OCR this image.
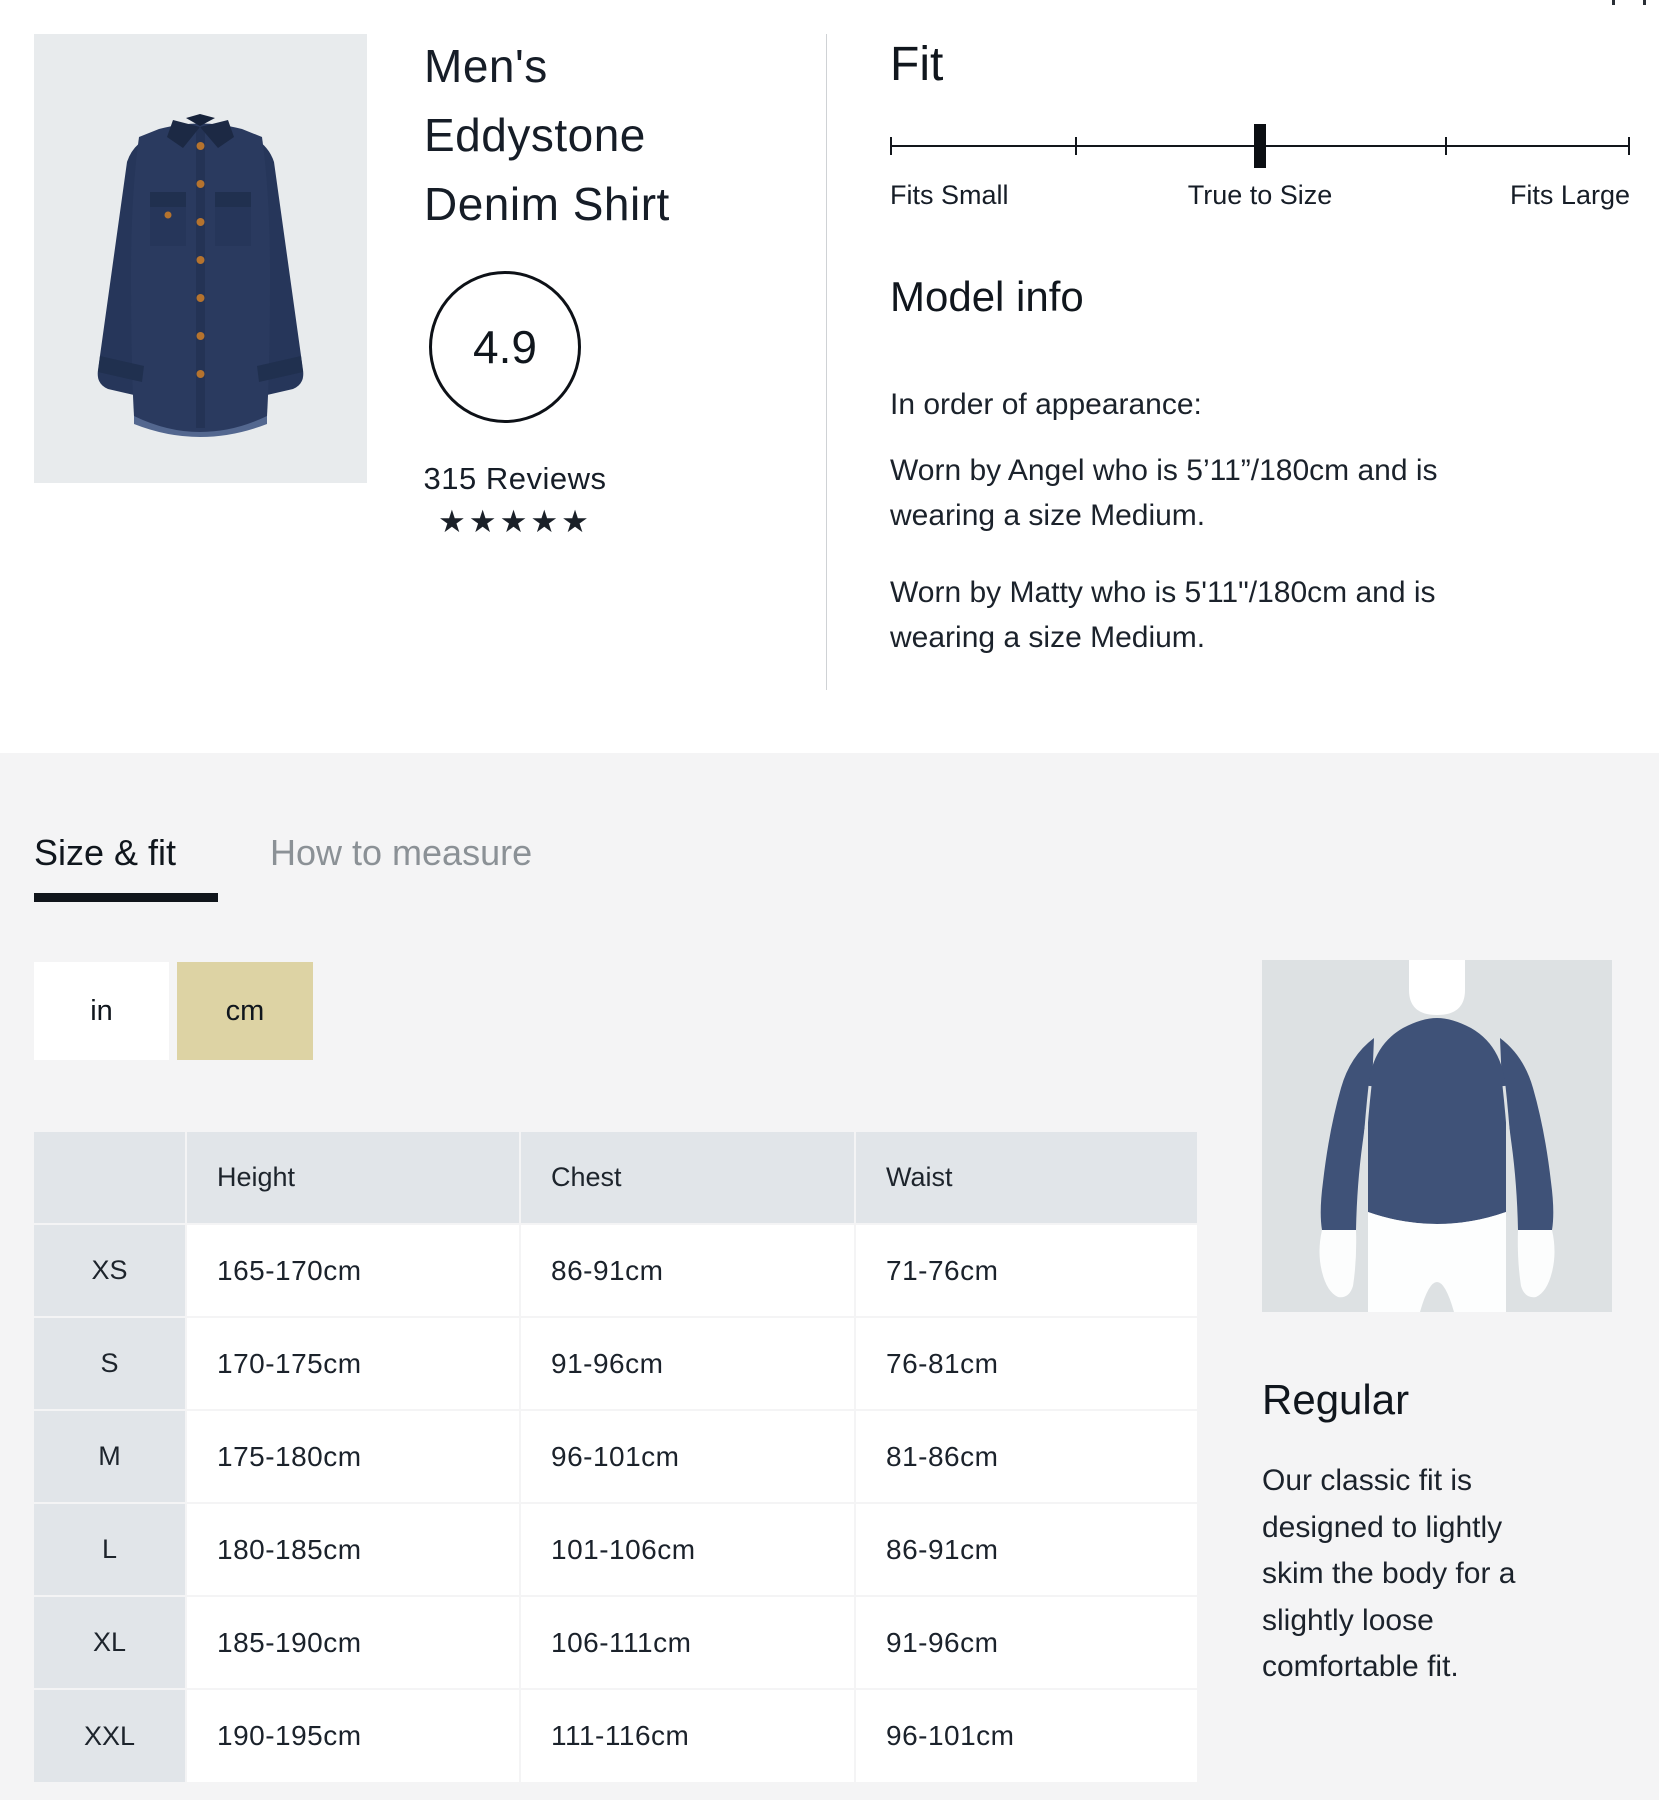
Men's Eddystone Denim Shirt
4.9
315 Reviews
★★★★★
Fit
Fits Small	True to Size	Fits Large
Model info

In order of appearance:

Worn by Angel who is 5’11”/180cm and is wearing a size Medium.

Worn by Matty who is 5'11"/180cm and is wearing a size Medium.

Size & fit	How to measure
in	cm
	Height	Chest	Waist
XS	165-170cm	86-91cm	71-76cm
S	170-175cm	91-96cm	76-81cm
M	175-180cm	96-101cm	81-86cm
L	180-185cm	101-106cm	86-91cm
XL	185-190cm	106-111cm	91-96cm
XXL	190-195cm	111-116cm	96-101cm
Regular

Our classic fit is designed to lightly skim the body for a slightly loose comfortable fit.
